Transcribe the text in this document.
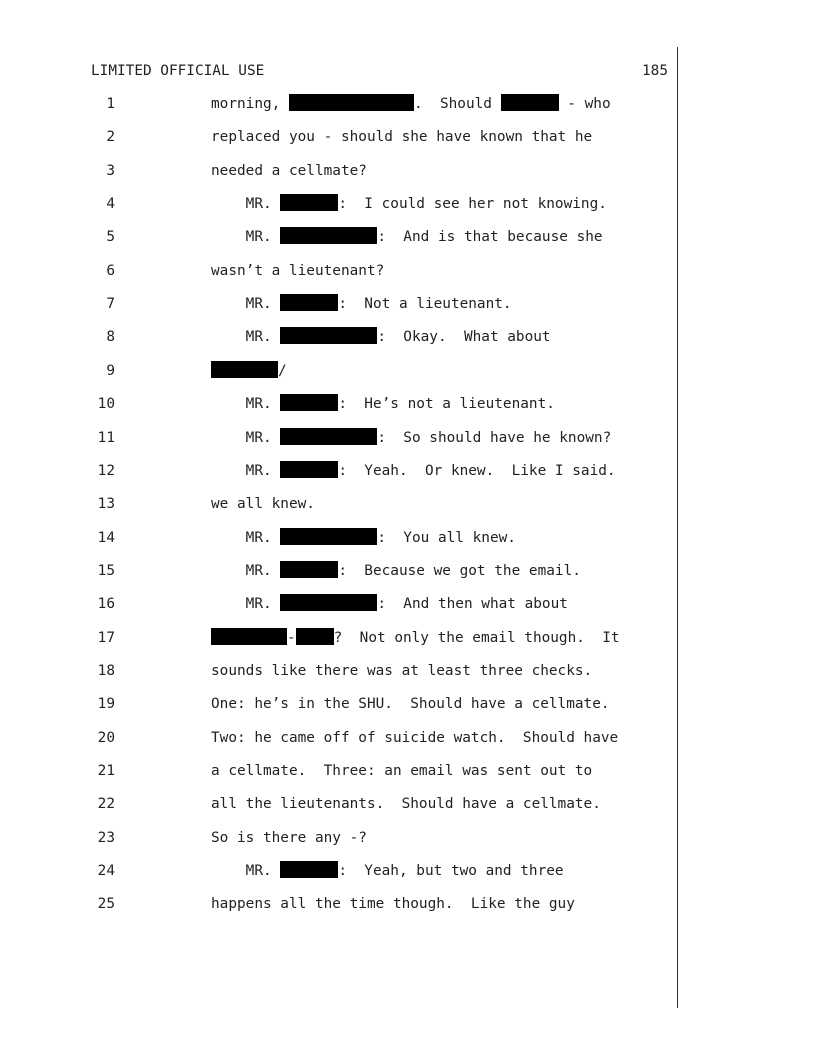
LIMITED OFFICIAL USE	185
1	morning,	.  Should	- who
2	replaced you - should she have known that he
3	needed a cellmate?
4	MR.	:  I could see her not knowing.
5	MR.	:  And is that because she
6	wasn’t a lieutenant?
7	MR.	:  Not a lieutenant.
8	MR.	:  Okay.  What about
9	/
10	MR.	:  He’s not a lieutenant.
11	MR.	:  So should have he known?
12	MR.	:  Yeah.  Or knew.  Like I said.
13	we all knew.
14	MR.	:  You all knew.
15	MR.	:  Because we got the email.
16	MR.	:  And then what about
17	-	?  Not only the email though.  It
18	sounds like there was at least three checks.
19	One: he’s in the SHU.  Should have a cellmate.
20	Two: he came off of suicide watch.  Should have
21	a cellmate.  Three: an email was sent out to
22	all the lieutenants.  Should have a cellmate.
23	So is there any -?
24	MR.	:  Yeah, but two and three
25	happens all the time though.  Like the guy
